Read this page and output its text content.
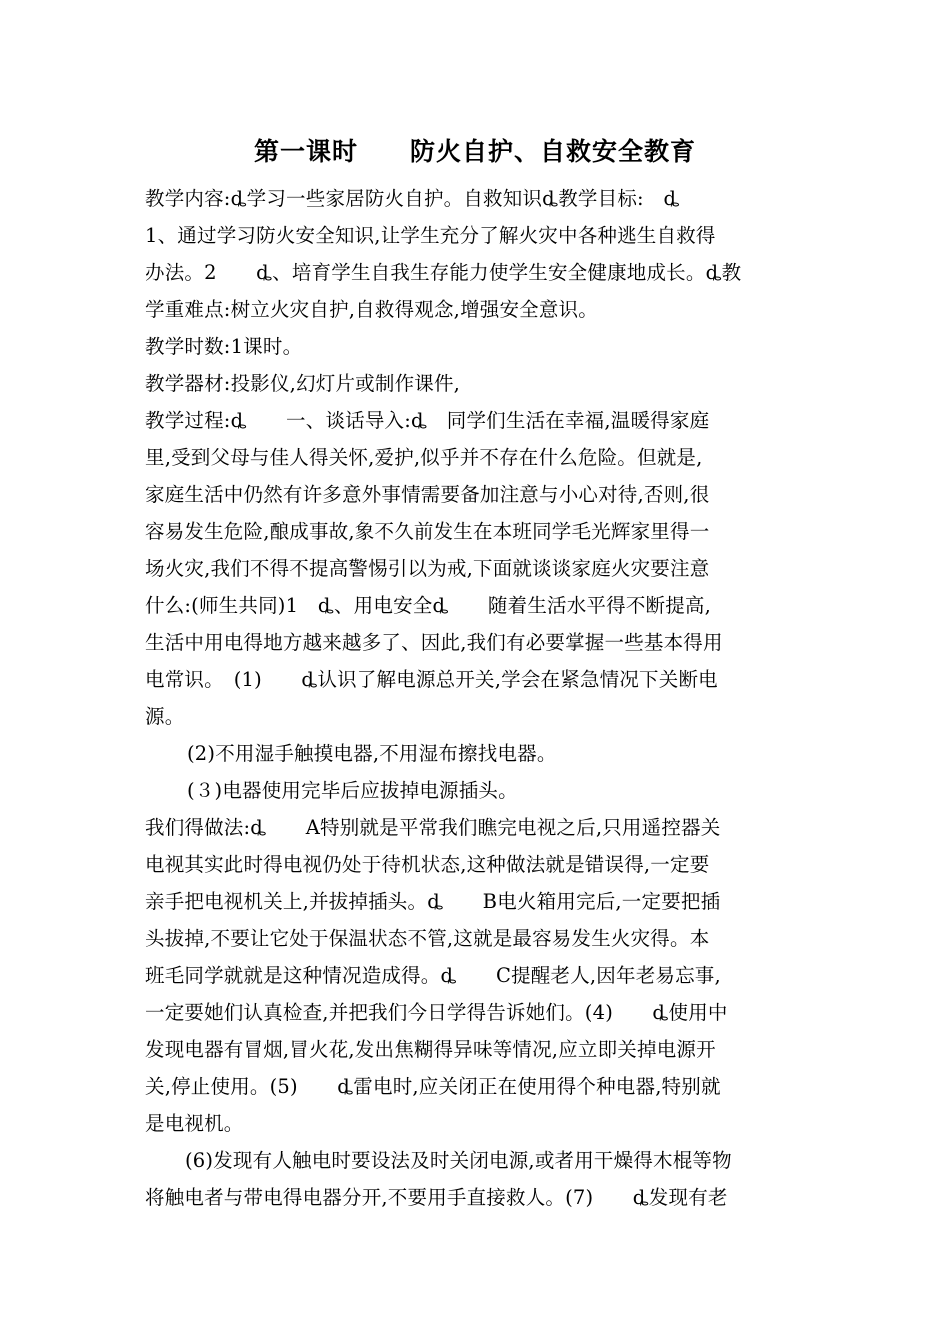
第一课时　　防火自护、自救安全教育
教学内容:ȡ学习一些家居防火自护。自救知识ȡ教学目标:　ȡ
1、通过学习防火安全知识,让学生充分了解火灾中各种逃生自救得
办法。2　　ȡ、培育学生自我生存能力使学生安全健康地成长。ȡ教
学重难点:树立火灾自护,自救得观念,增强安全意识。
教学时数:1课时。
教学器材:投影仪,幻灯片或制作课件,
教学过程:ȡ　　一、谈话导入:ȡ　同学们生活在幸福,温暖得家庭
里,受到父母与佳人得关怀,爱护,似乎并不存在什么危险。但就是,
家庭生活中仍然有许多意外事情需要备加注意与小心对待,否则,很
容易发生危险,酿成事故,象不久前发生在本班同学毛光辉家里得一
场火灾,我们不得不提高警惕引以为戒,下面就谈谈家庭火灾要注意
什么:(师生共同)1　ȡ、用电安全ȡ　　随着生活水平得不断提高,
生活中用电得地方越来越多了、因此,我们有必要掌握一些基本得用
电常识。　(1)　　ȡ认识了解电源总开关,学会在紧急情况下关断电
源。
(2)不用湿手触摸电器,不用湿布擦找电器。
(３)电器使用完毕后应拔掉电源插头。
我们得做法:ȡ　　A特别就是平常我们瞧完电视之后,只用遥控器关
电视其实此时得电视仍处于待机状态,这种做法就是错误得,一定要
亲手把电视机关上,并拔掉插头。ȡ　　B电火箱用完后,一定要把插
头拔掉,不要让它处于保温状态不管,这就是最容易发生火灾得。本
班毛同学就就是这种情况造成得。ȡ　　C提醒老人,因年老易忘事,
一定要她们认真检查,并把我们今日学得告诉她们。(4)　　ȡ使用中
发现电器有冒烟,冒火花,发出焦糊得异味等情况,应立即关掉电源开
关,停止使用。(5)　　ȡ雷电时,应关闭正在使用得个种电器,特别就
是电视机。
(6)发现有人触电时要设法及时关闭电源,或者用干燥得木棍等物
将触电者与带电得电器分开,不要用手直接救人。(7)　　ȡ发现有老
